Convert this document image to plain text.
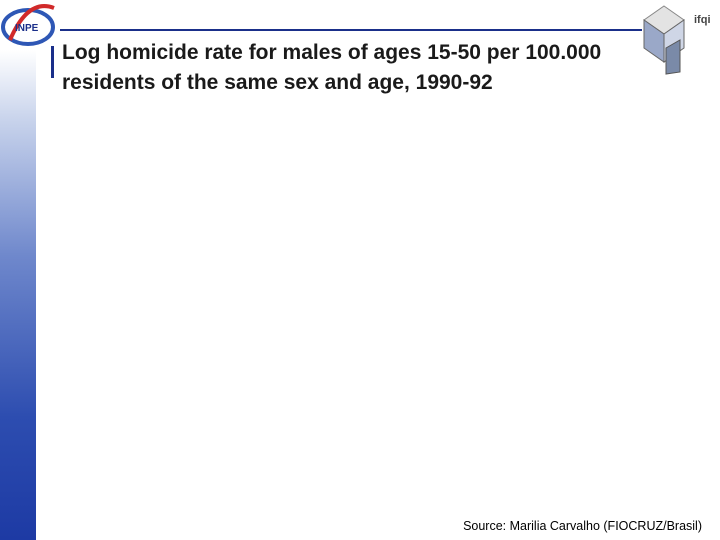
INPE
Log homicide rate for males of ages 15-50 per 100.000 residents of the same sex and age, 1990-92
ifqi
Source: Marilia Carvalho (FIOCRUZ/Brasil)
